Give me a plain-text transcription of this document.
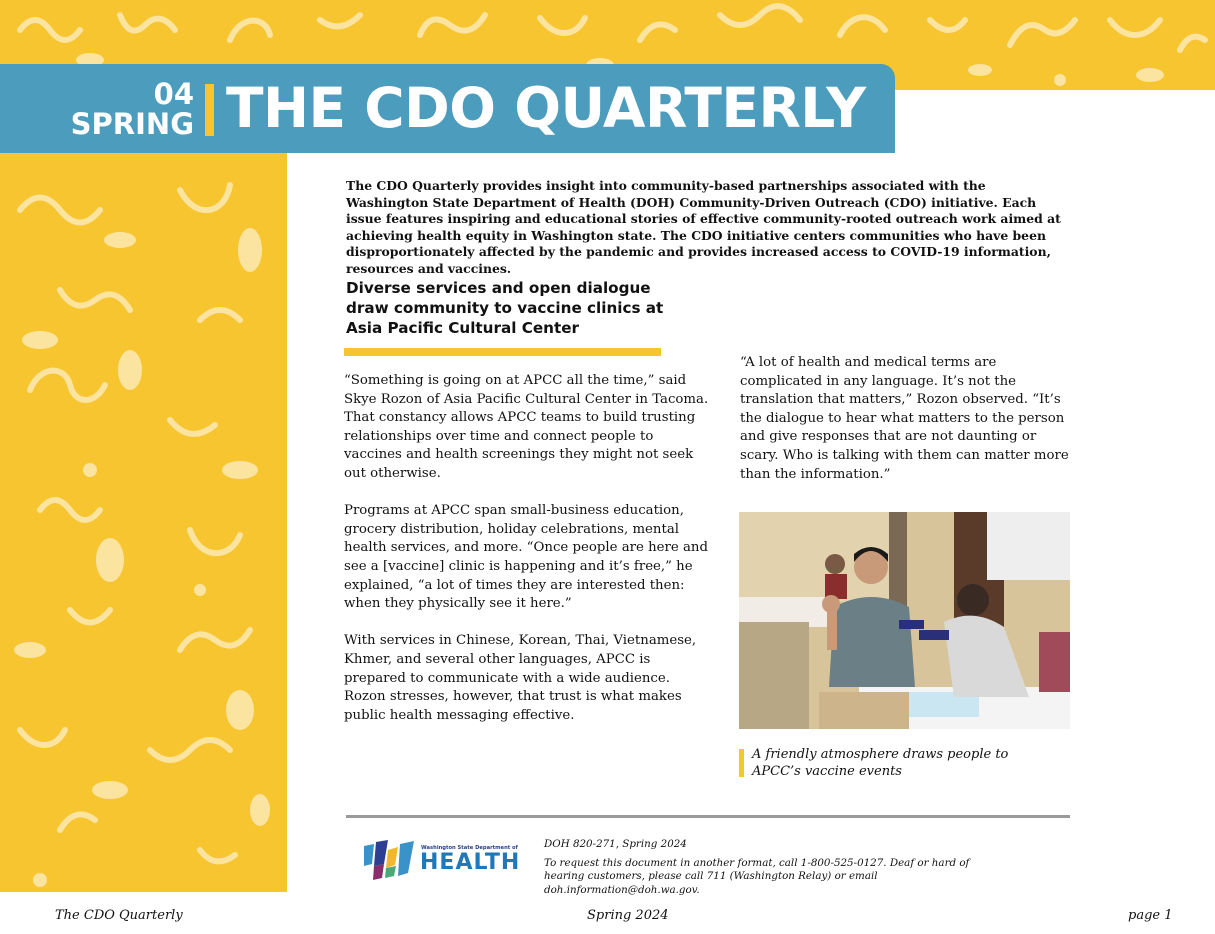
04
SPRING THE CDO QUARTERLY
The CDO Quarterly provides insight into community-based partnerships associated with the Washington State Department of Health (DOH) Community-Driven Outreach (CDO) initiative. Each issue features inspiring and educational stories of effective community-rooted outreach work aimed at achieving health equity in Washington state. The CDO initiative centers communities who have been disproportionately affected by the pandemic and provides increased access to COVID-19 information, resources and vaccines.
Diverse services and open dialogue draw community to vaccine clinics at Asia Pacific Cultural Center

“Something is going on at APCC all the time,” said Skye Rozon of Asia Pacific Cultural Center in Tacoma. That constancy allows APCC teams to build trusting relationships over time and connect people to vaccines and health screenings they might not seek out otherwise.

Programs at APCC span small-business education, grocery distribution, holiday celebrations, mental health services, and more. “Once people are here and see a [vaccine] clinic is happening and it’s free,” he explained, “a lot of times they are interested then: when they physically see it here.”

With services in Chinese, Korean, Thai, Vietnamese, Khmer, and several other languages, APCC is prepared to communicate with a wide audience. Rozon stresses, however, that trust is what makes public health messaging effective.

“A lot of health and medical terms are complicated in any language. It’s not the translation that matters,” Rozon observed. “It’s the dialogue to hear what matters to the person and give responses that are not daunting or scary. Who is talking with them can matter more than the information.”

A friendly atmosphere draws people to APCC’s vaccine events
Washington State Department of
HEALTH
DOH 820-271, Spring 2024
To request this document in another format, call 1-800-525-0127. Deaf or hard of hearing customers, please call 711 (Washington Relay) or email doh.information@doh.wa.gov.
The CDO Quarterly	Spring 2024	page 1
